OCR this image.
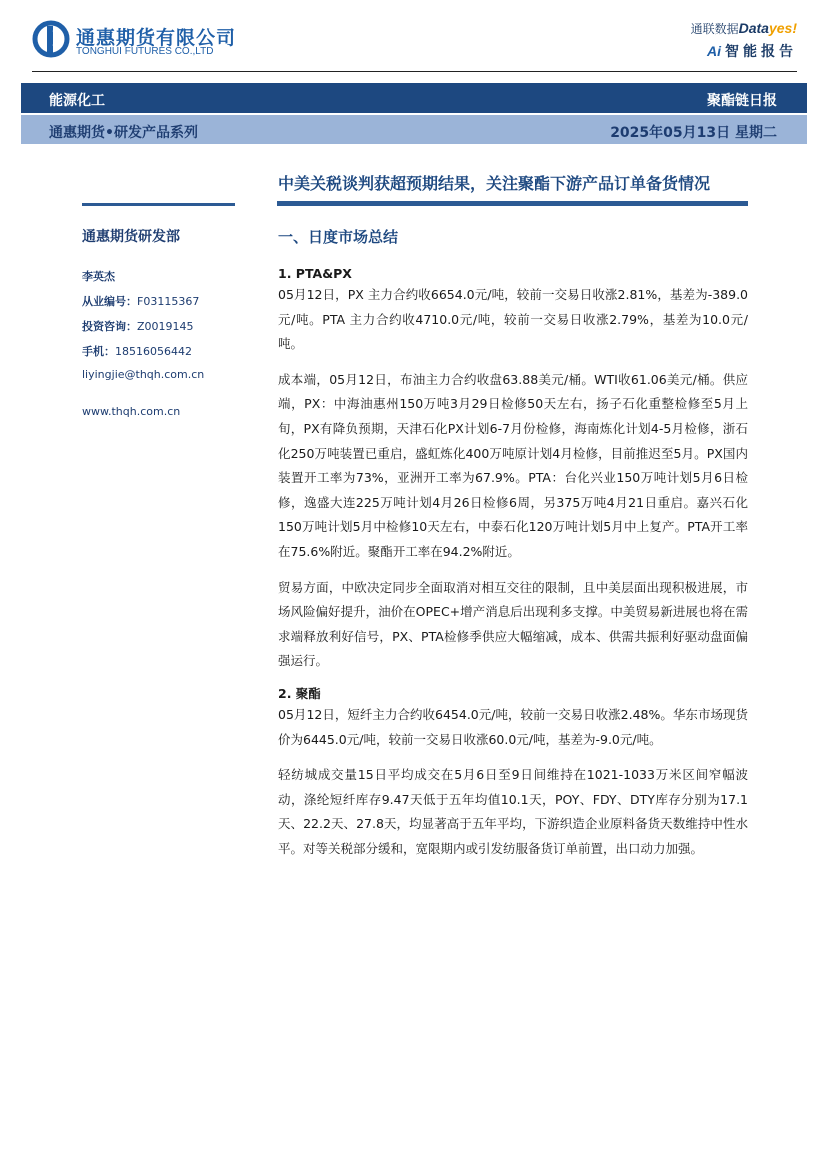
通惠期货有限公司
TONGHUI FUTURES CO.,LTD
通联数据Datayes!
Ai 智能报告
能源化工	聚酯链日报
通惠期货•研发产品系列	2025年05月13日 星期二
中美关税谈判获超预期结果，关注聚酯下游产品订单备货情况
通惠期货研发部
李英杰
从业编号：F03115367
投资咨询：Z0019145
手机：18516056442
liyingjie@thqh.com.cn
www.thqh.com.cn
一、日度市场总结
1. PTA&PX

05月12日，PX 主力合约收6654.0元/吨，较前一交易日收涨2.81%，基差为-389.0元/吨。PTA 主力合约收4710.0元/吨，较前一交易日收涨2.79%，基差为10.0元/吨。

成本端，05月12日，布油主力合约收盘63.88美元/桶。WTI收61.06美元/桶。供应端，PX：中海油惠州150万吨3月29日检修50天左右，扬子石化重整检修至5月上旬，PX有降负预期，天津石化PX计划6-7月份检修，海南炼化计划4-5月检修，浙石化250万吨装置已重启，盛虹炼化400万吨原计划4月检修，目前推迟至5月。PX国内装置开工率为73%，亚洲开工率为67.9%。PTA：台化兴业150万吨计划5月6日检修，逸盛大连225万吨计划4月26日检修6周，另375万吨4月21日重启。嘉兴石化150万吨计划5月中检修10天左右，中泰石化120万吨计划5月中上复产。PTA开工率在75.6%附近。聚酯开工率在94.2%附近。

贸易方面，中欧决定同步全面取消对相互交往的限制，且中美层面出现积极进展，市场风险偏好提升，油价在OPEC+增产消息后出现利多支撑。中美贸易新进展也将在需求端释放利好信号，PX、PTA检修季供应大幅缩减，成本、供需共振利好驱动盘面偏强运行。

2. 聚酯

05月12日，短纤主力合约收6454.0元/吨，较前一交易日收涨2.48%。华东市场现货价为6445.0元/吨，较前一交易日收涨60.0元/吨，基差为-9.0元/吨。

轻纺城成交量15日平均成交在5月6日至9日间维持在1021-1033万米区间窄幅波动，涤纶短纤库存9.47天低于五年均值10.1天，POY、FDY、DTY库存分别为17.1天、22.2天、27.8天，均显著高于五年平均，下游织造企业原料备货天数维持中性水平。对等关税部分缓和，宽限期内或引发纺服备货订单前置，出口动力加强。
